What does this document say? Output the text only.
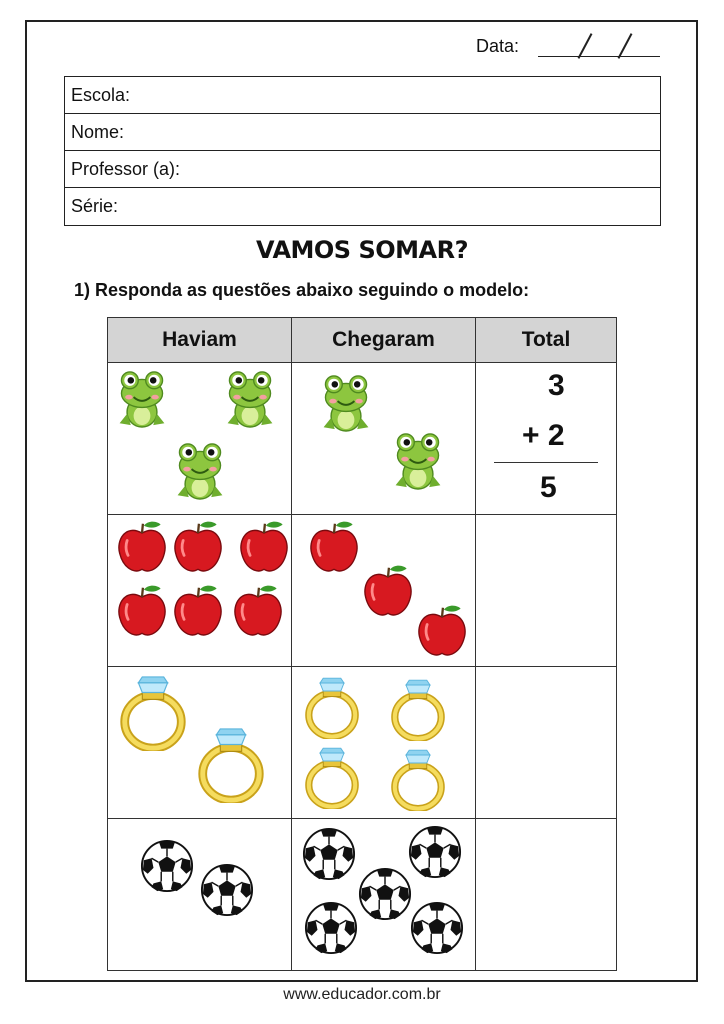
Data:
Escola:
Nome:
Professor (a):
Série:
VAMOS SOMAR?
1) Responda as questões abaixo seguindo o modelo:
Haviam	Chegaram	Total

3
+ 2
5

www.educador.com.br
